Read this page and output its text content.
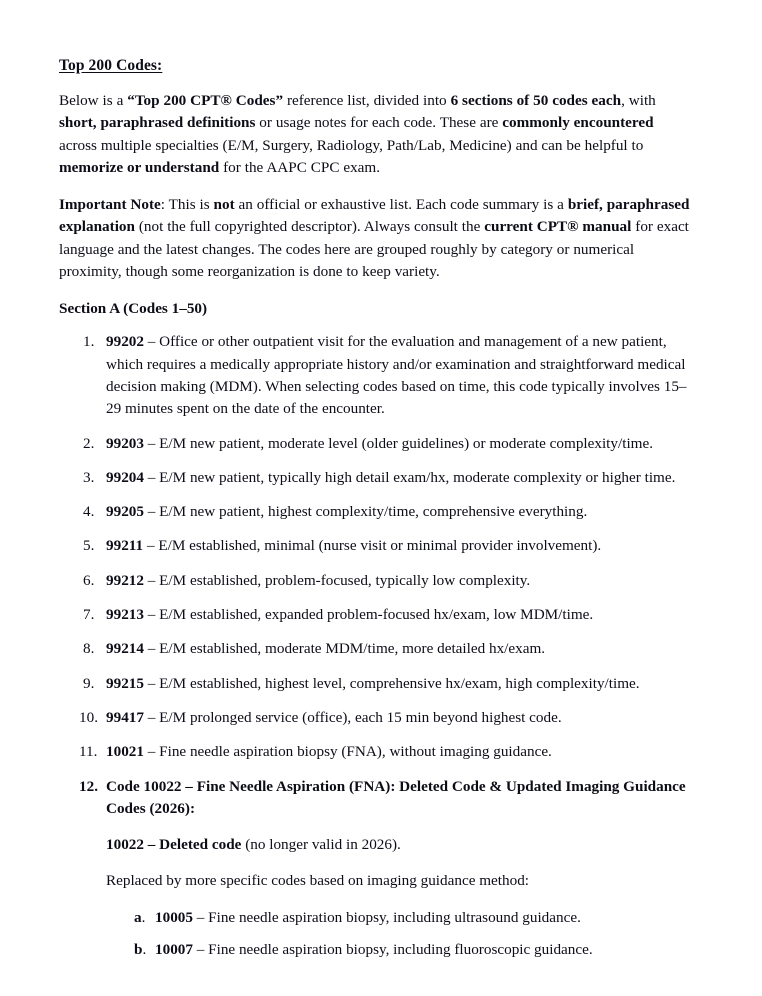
Top 200 Codes:

Below is a “Top 200 CPT® Codes” reference list, divided into 6 sections of 50 codes each, with short, paraphrased definitions or usage notes for each code. These are commonly encountered across multiple specialties (E/M, Surgery, Radiology, Path/Lab, Medicine) and can be helpful to memorize or understand for the AAPC CPC exam.

Important Note: This is not an official or exhaustive list. Each code summary is a brief, paraphrased explanation (not the full copyrighted descriptor). Always consult the current CPT® manual for exact language and the latest changes. The codes here are grouped roughly by category or numerical proximity, though some reorganization is done to keep variety.

Section A (Codes 1–50)
1. 99202 – Office or other outpatient visit for the evaluation and management of a new patient, which requires a medically appropriate history and/or examination and straightforward medical decision making (MDM). When selecting codes based on time, this code typically involves 15–29 minutes spent on the date of the encounter.
2. 99203 – E/M new patient, moderate level (older guidelines) or moderate complexity/time.
3. 99204 – E/M new patient, typically high detail exam/hx, moderate complexity or higher time.
4. 99205 – E/M new patient, highest complexity/time, comprehensive everything.
5. 99211 – E/M established, minimal (nurse visit or minimal provider involvement).
6. 99212 – E/M established, problem-focused, typically low complexity.
7. 99213 – E/M established, expanded problem-focused hx/exam, low MDM/time.
8. 99214 – E/M established, moderate MDM/time, more detailed hx/exam.
9. 99215 – E/M established, highest level, comprehensive hx/exam, high complexity/time.
10. 99417 – E/M prolonged service (office), each 15 min beyond highest code.
11. 10021 – Fine needle aspiration biopsy (FNA), without imaging guidance.
12. Code 10022 – Fine Needle Aspiration (FNA): Deleted Code & Updated Imaging Guidance Codes (2026):

10022 – Deleted code (no longer valid in 2026).

Replaced by more specific codes based on imaging guidance method:

a. 10005 – Fine needle aspiration biopsy, including ultrasound guidance.
b. 10007 – Fine needle aspiration biopsy, including fluoroscopic guidance.
